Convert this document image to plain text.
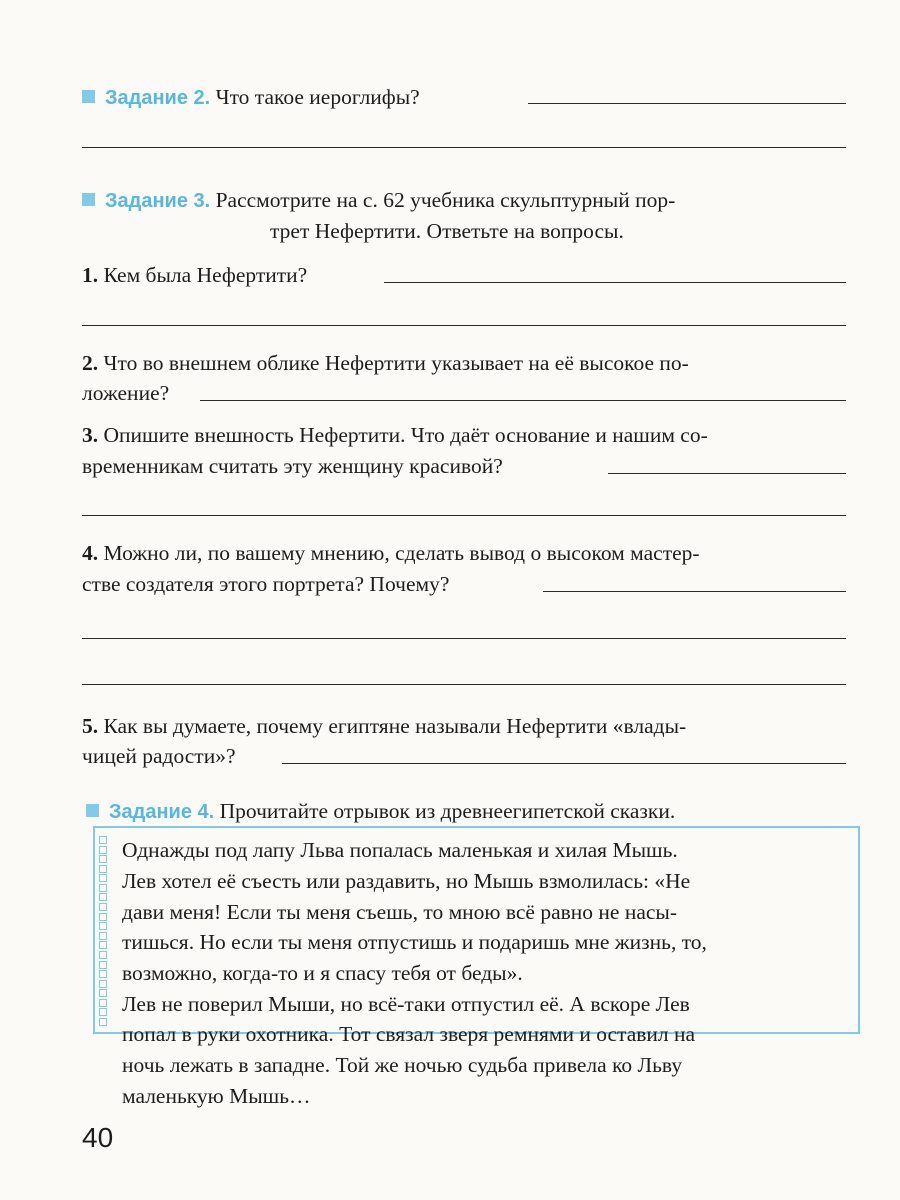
Задание 2. Что такое иероглифы?
Задание 3. Рассмотрите на с. 62 учебника скульптурный пор-
трет Нефертити. Ответьте на вопросы.
1. Кем была Нефертити?
2. Что во внешнем облике Нефертити указывает на её высокое по-
ложение?
3. Опишите внешность Нефертити. Что даёт основание и нашим со-
временникам считать эту женщину красивой?
4. Можно ли, по вашему мнению, сделать вывод о высоком мастер-
стве создателя этого портрета? Почему?
5. Как вы думаете, почему египтяне называли Нефертити «влады-
чицей радости»?
Задание 4. Прочитайте отрывок из древнеегипетской сказки.
Однажды под лапу Льва попалась маленькая и хилая Мышь.
Лев хотел её съесть или раздавить, но Мышь взмолилась: «Не
дави меня! Если ты меня съешь, то мною всё равно не насы-
тишься. Но если ты меня отпустишь и подаришь мне жизнь, то,
возможно, когда-то и я спасу тебя от беды».
Лев не поверил Мыши, но всё-таки отпустил её. А вскоре Лев
попал в руки охотника. Тот связал зверя ремнями и оставил на
ночь лежать в западне. Той же ночью судьба привела ко Льву
маленькую Мышь…
40
